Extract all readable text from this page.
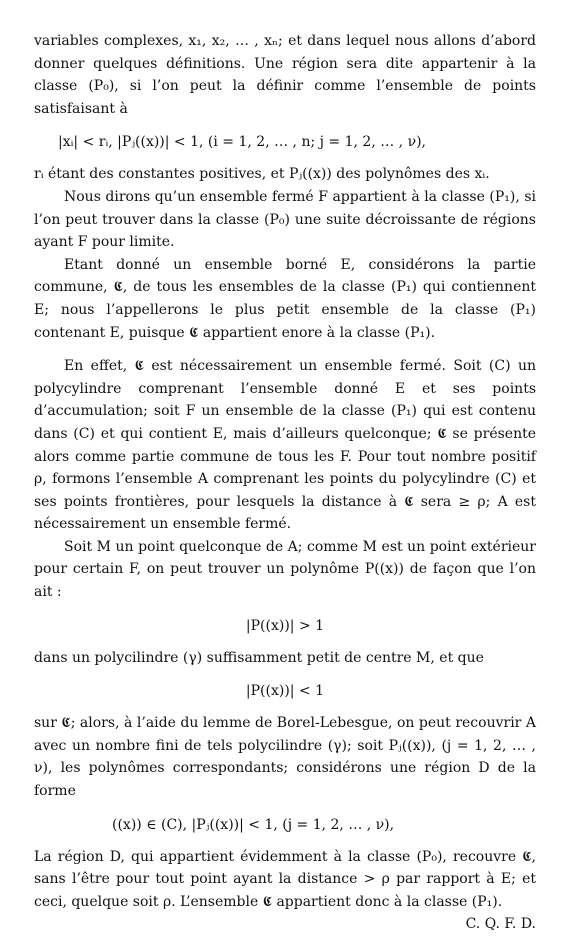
variables complexes, x₁, x₂, … , xₙ; et dans lequel nous allons d’abord donner quelques définitions. Une région sera dite appartenir à la classe (P₀), si l’on peut la définir comme l’ensemble de points satisfaisant à

|xᵢ| < rᵢ, |Pⱼ((x))| < 1, (i = 1, 2, … , n; j = 1, 2, … , ν),

rᵢ étant des constantes positives, et Pⱼ((x)) des polynômes des xᵢ.

Nous dirons qu’un ensemble fermé F appartient à la classe (P₁), si l’on peut trouver dans la classe (P₀) une suite décroissante de régions ayant F pour limite.

Etant donné un ensemble borné E, considérons la partie commune, 𝕮, de tous les ensembles de la classe (P₁) qui contiennent E; nous l’appellerons le plus petit ensemble de la classe (P₁) contenant E, puisque 𝕮 appartient enore à la classe (P₁).

En effet, 𝕮 est nécessairement un ensemble fermé. Soit (C) un polycylindre comprenant l’ensemble donné E et ses points d’accumulation; soit F un ensemble de la classe (P₁) qui est contenu dans (C) et qui contient E, mais d’ailleurs quelconque; 𝕮 se présente alors comme partie commune de tous les F. Pour tout nombre positif ρ, formons l’ensemble A comprenant les points du polycylindre (C) et ses points frontières, pour lesquels la distance à 𝕮 sera ≥ ρ; A est nécessairement un ensemble fermé.

Soit M un point quelconque de A; comme M est un point extérieur pour certain F, on peut trouver un polynôme P((x)) de façon que l’on ait :

|P((x))| > 1

dans un polycilindre (γ) suffisamment petit de centre M, et que

|P((x))| < 1

sur 𝕮; alors, à l’aide du lemme de Borel-Lebesgue, on peut recouvrir A avec un nombre fini de tels polycilindre (γ); soit Pⱼ((x)), (j = 1, 2, … , ν), les polynômes correspondants; considérons une région D de la forme

((x)) ∈ (C), |Pⱼ((x))| < 1, (j = 1, 2, … , ν),

La région D, qui appartient évidemment à la classe (P₀), recouvre 𝕮, sans l’être pour tout point ayant la distance > ρ par rapport à E; et ceci, quelque soit ρ. L’ensemble 𝕮 appartient donc à la classe (P₁).

C. Q. F. D.
